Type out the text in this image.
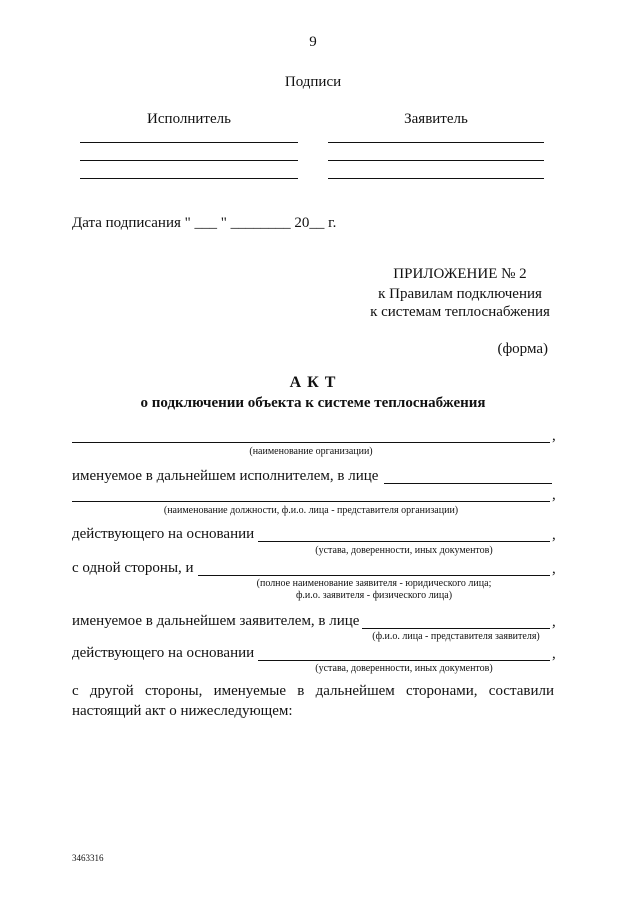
9
Подписи
Исполнитель	Заявитель
Дата подписания " ___ " ________ 20__ г.
ПРИЛОЖЕНИЕ № 2
к Правилам подключения
к системам теплоснабжения
(форма)
А К Т
о подключении объекта к системе теплоснабжения
,
(наименование организации)
именуемое в дальнейшем исполнителем, в лице
,
(наименование должности, ф.и.о. лица - представителя организации)
действующего на основании	,
(устава, доверенности, иных документов)
с одной стороны, и	,
(полное наименование заявителя - юридического лица;
ф.и.о. заявителя - физического лица)
именуемое в дальнейшем заявителем, в лице	,
(ф.и.о. лица - представителя заявителя)
действующего на основании	,
(устава, доверенности, иных документов)
с другой стороны, именуемые в дальнейшем сторонами, составили
настоящий акт о нижеследующем:
3463316
